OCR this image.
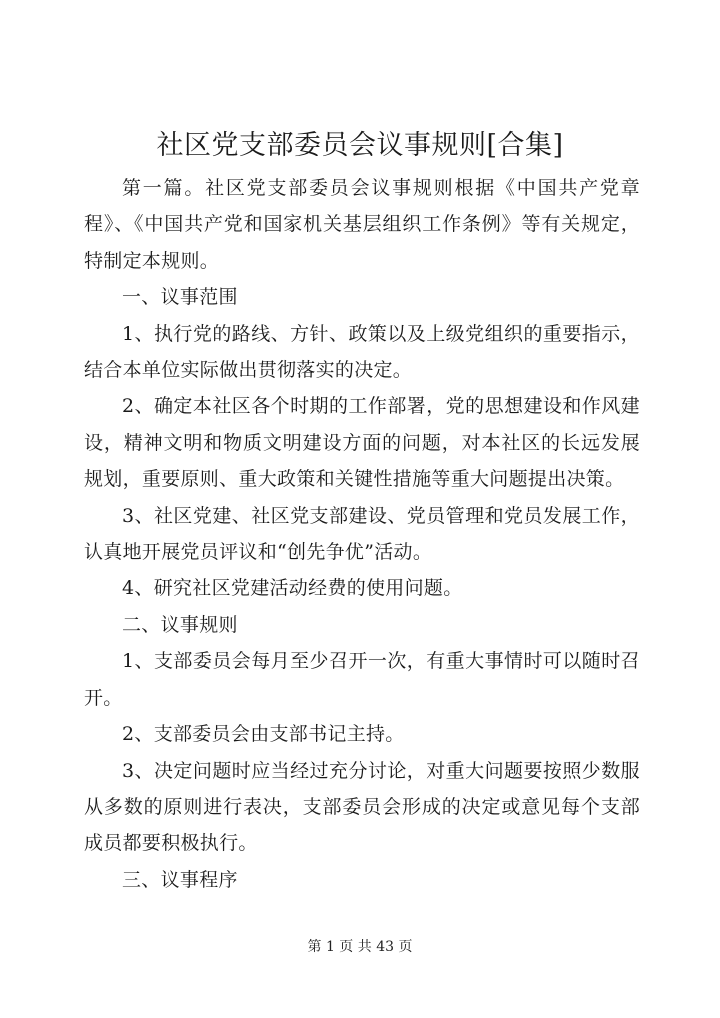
社区党支部委员会议事规则[合集]

第一篇。社区党支部委员会议事规则根据《中国共产党章程》、《中国共产党和国家机关基层组织工作条例》等有关规定，特制定本规则。

一、议事范围

1、执行党的路线、方针、政策以及上级党组织的重要指示，结合本单位实际做出贯彻落实的决定。

2、确定本社区各个时期的工作部署，党的思想建设和作风建设，精神文明和物质文明建设方面的问题，对本社区的长远发展规划，重要原则、重大政策和关键性措施等重大问题提出决策。

3、社区党建、社区党支部建设、党员管理和党员发展工作，认真地开展党员评议和“创先争优”活动。

4、研究社区党建活动经费的使用问题。

二、议事规则

1、支部委员会每月至少召开一次，有重大事情时可以随时召开。

2、支部委员会由支部书记主持。

3、决定问题时应当经过充分讨论，对重大问题要按照少数服从多数的原则进行表决，支部委员会形成的决定或意见每个支部成员都要积极执行。

三、议事程序

第 1 页 共 43 页
